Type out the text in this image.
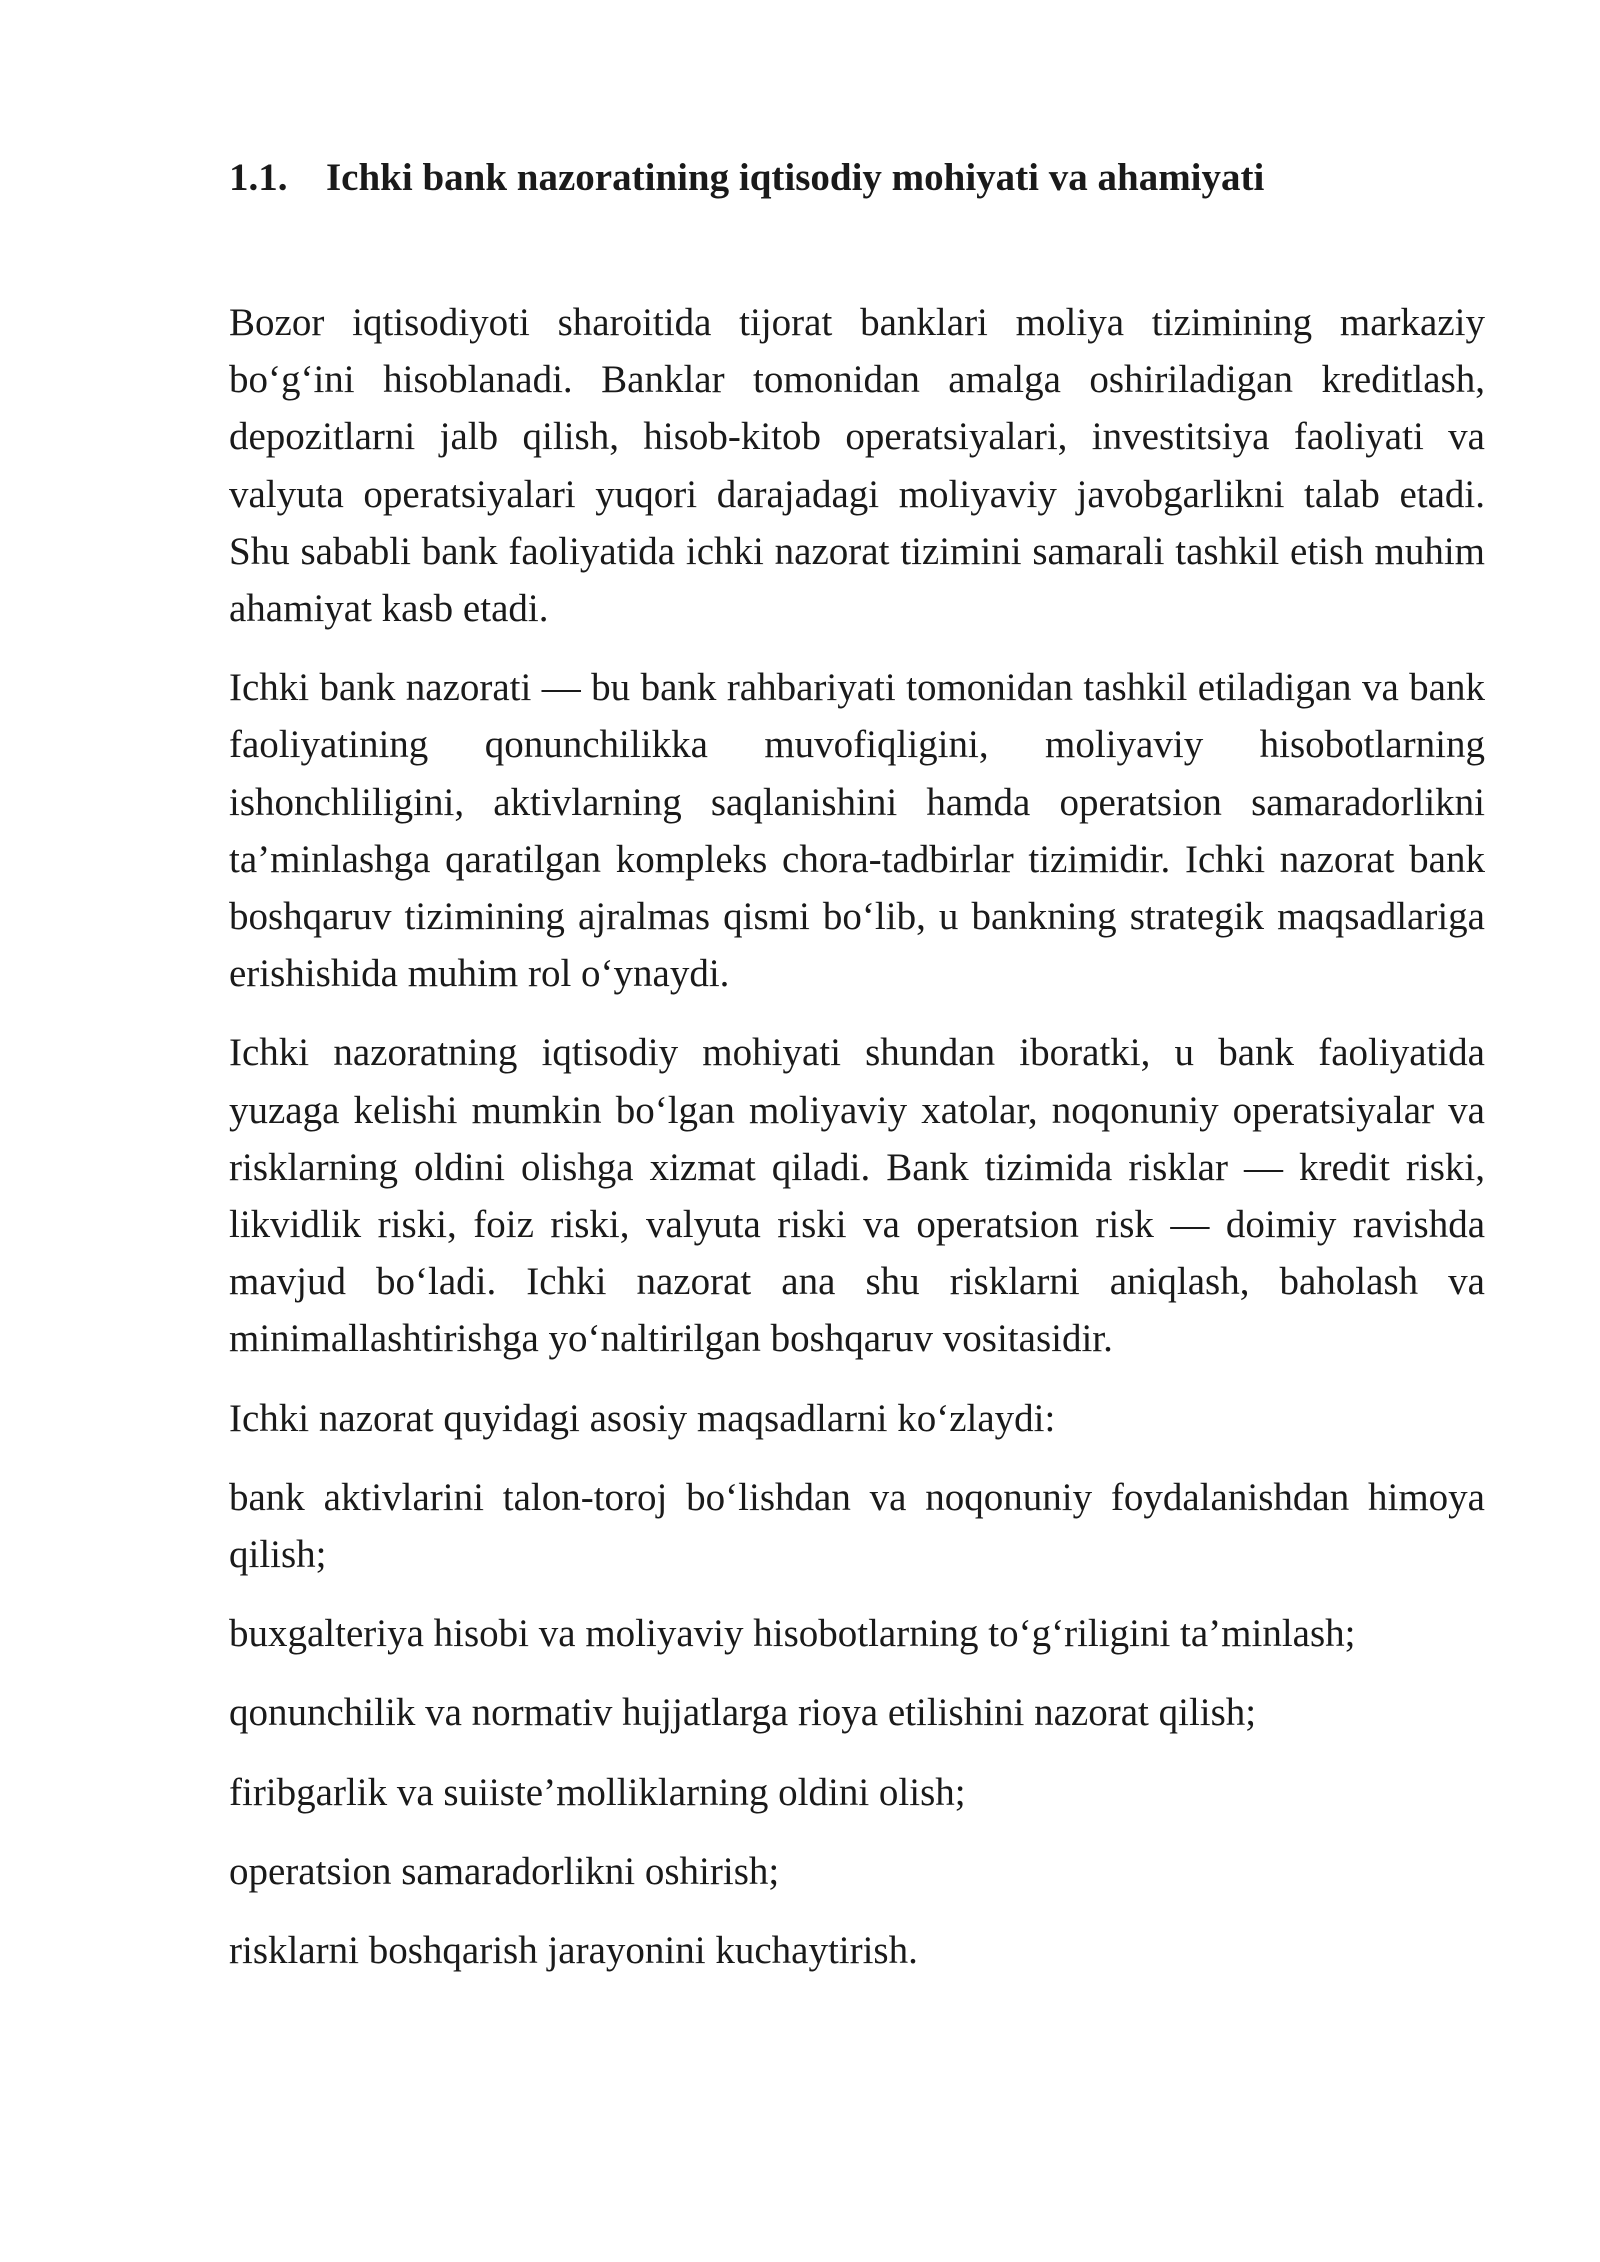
1.1. Ichki bank nazoratining iqtisodiy mohiyati va ahamiyati

Bozor iqtisodiyoti sharoitida tijorat banklari moliya tizimining markaziy bo‘g‘ini hisoblanadi. Banklar tomonidan amalga oshiriladigan kreditlash, depozitlarni jalb qilish, hisob-kitob operatsiyalari, investitsiya faoliyati va valyuta operatsiyalari yuqori darajadagi moliyaviy javobgarlikni talab etadi. Shu sababli bank faoliyatida ichki nazorat tizimini samarali tashkil etish muhim ahamiyat kasb etadi.

Ichki bank nazorati — bu bank rahbariyati tomonidan tashkil etiladigan va bank faoliyatining qonunchilikka muvofiqligini, moliyaviy hisobotlarning ishonchliligini, aktivlarning saqlanishini hamda operatsion samaradorlikni ta’minlashga qaratilgan kompleks chora-tadbirlar tizimidir. Ichki nazorat bank boshqaruv tizimining ajralmas qismi bo‘lib, u bankning strategik maqsadlariga erishishida muhim rol o‘ynaydi.

Ichki nazoratning iqtisodiy mohiyati shundan iboratki, u bank faoliyatida yuzaga kelishi mumkin bo‘lgan moliyaviy xatolar, noqonuniy operatsiyalar va risklarning oldini olishga xizmat qiladi. Bank tizimida risklar — kredit riski, likvidlik riski, foiz riski, valyuta riski va operatsion risk — doimiy ravishda mavjud bo‘ladi. Ichki nazorat ana shu risklarni aniqlash, baholash va minimallashtirishga yo‘naltirilgan boshqaruv vositasidir.

Ichki nazorat quyidagi asosiy maqsadlarni ko‘zlaydi:

bank aktivlarini talon-toroj bo‘lishdan va noqonuniy foydalanishdan himoya qilish;

buxgalteriya hisobi va moliyaviy hisobotlarning to‘g‘riligini ta’minlash;

qonunchilik va normativ hujjatlarga rioya etilishini nazorat qilish;

firibgarlik va suiiste’molliklarning oldini olish;

operatsion samaradorlikni oshirish;

risklarni boshqarish jarayonini kuchaytirish.
